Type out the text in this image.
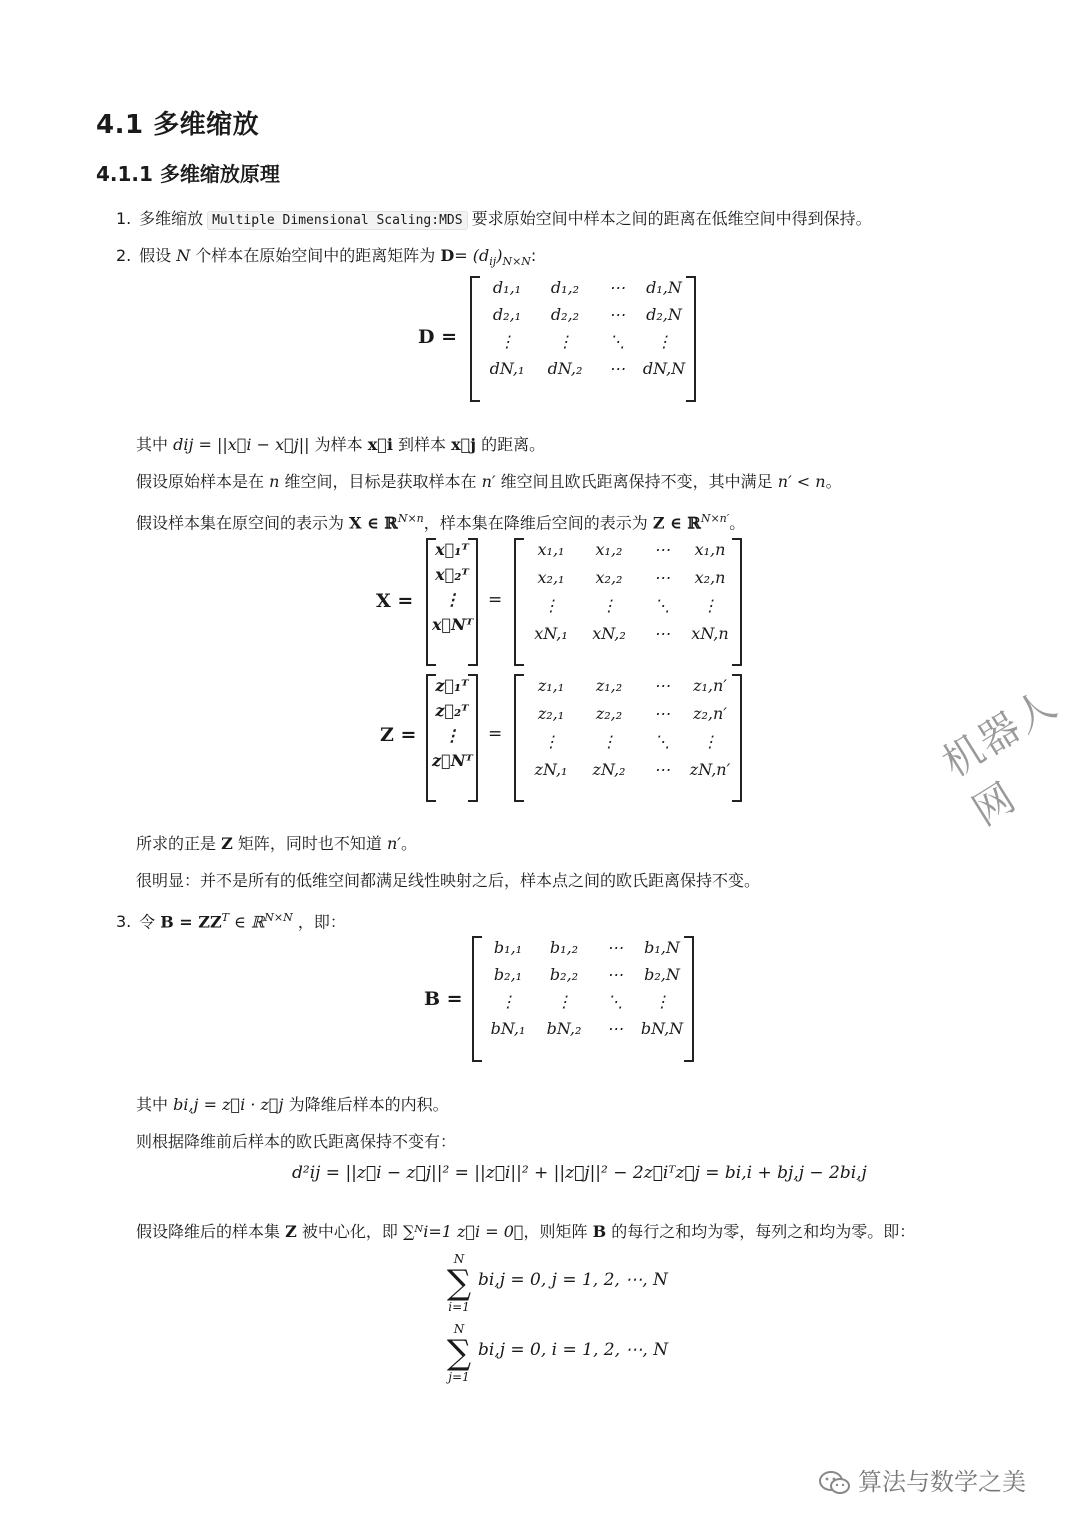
4.1 多维缩放
4.1.1 多维缩放原理
1. 多维缩放 Multiple Dimensional Scaling:MDS 要求原始空间中样本之间的距离在低维空间中得到保持。
2. 假设 N 个样本在原始空间中的距离矩阵为 $D= (d_{ij})_{N\times N}$:
D =
d₁,₁	d₁,₂	⋯	d₁,N
d₂,₁	d₂,₂	⋯	d₂,N
⋮	⋮	⋱	⋮
dN,₁	dN,₂	⋯	dN,N
其中 dij = ||x⃗i − x⃗j|| 为样本 x⃗i 到样本 x⃗j 的距离。
假设原始样本是在 n 维空间，目标是获取样本在 n′ 维空间且欧氏距离保持不变，其中满足 n′ < n。
假设样本集在原空间的表示为 X ∈ ℝ$^{N\times n}$，样本集在降维后空间的表示为 Z ∈ ℝ$^{N\times n'}$。
X =
x⃗₁ᵀ
x⃗₂ᵀ
⋮
x⃗Nᵀ
=
x₁,₁	x₁,₂	⋯	x₁,n
x₂,₁	x₂,₂	⋯	x₂,n
⋮	⋮	⋱	⋮
xN,₁	xN,₂	⋯	xN,n
Z =
z⃗₁ᵀ
z⃗₂ᵀ
⋮
z⃗Nᵀ
=
z₁,₁	z₁,₂	⋯	z₁,n′
z₂,₁	z₂,₂	⋯	z₂,n′
⋮	⋮	⋱	⋮
zN,₁	zN,₂	⋯	zN,n′
所求的正是 Z 矩阵，同时也不知道 n′。
很明显：并不是所有的低维空间都满足线性映射之后，样本点之间的欧氏距离保持不变。
3. 令 $B = ZZ^T$ ∈ ℝ$^{N\times N}$ ，即：
B =
b₁,₁	b₁,₂	⋯	b₁,N
b₂,₁	b₂,₂	⋯	b₂,N
⋮	⋮	⋱	⋮
bN,₁	bN,₂	⋯	bN,N
其中 bi,j = z⃗i · z⃗j 为降维后样本的内积。
则根据降维前后样本的欧氏距离保持不变有：
d²ij = ||z⃗i − z⃗j||² = ||z⃗i||² + ||z⃗j||² − 2z⃗iᵀz⃗j = bi,i + bj,j − 2bi,j
假设降维后的样本集 Z 被中心化，即 ∑ᴺi=1 z⃗i = 0⃗，则矩阵 B 的每行之和均为零，每列之和均为零。即：
N
∑
i=1
bi,j = 0, j = 1, 2, ⋯, N
N
∑
j=1
bi,j = 0, i = 1, 2, ⋯, N
机器人网
算法与数学之美
